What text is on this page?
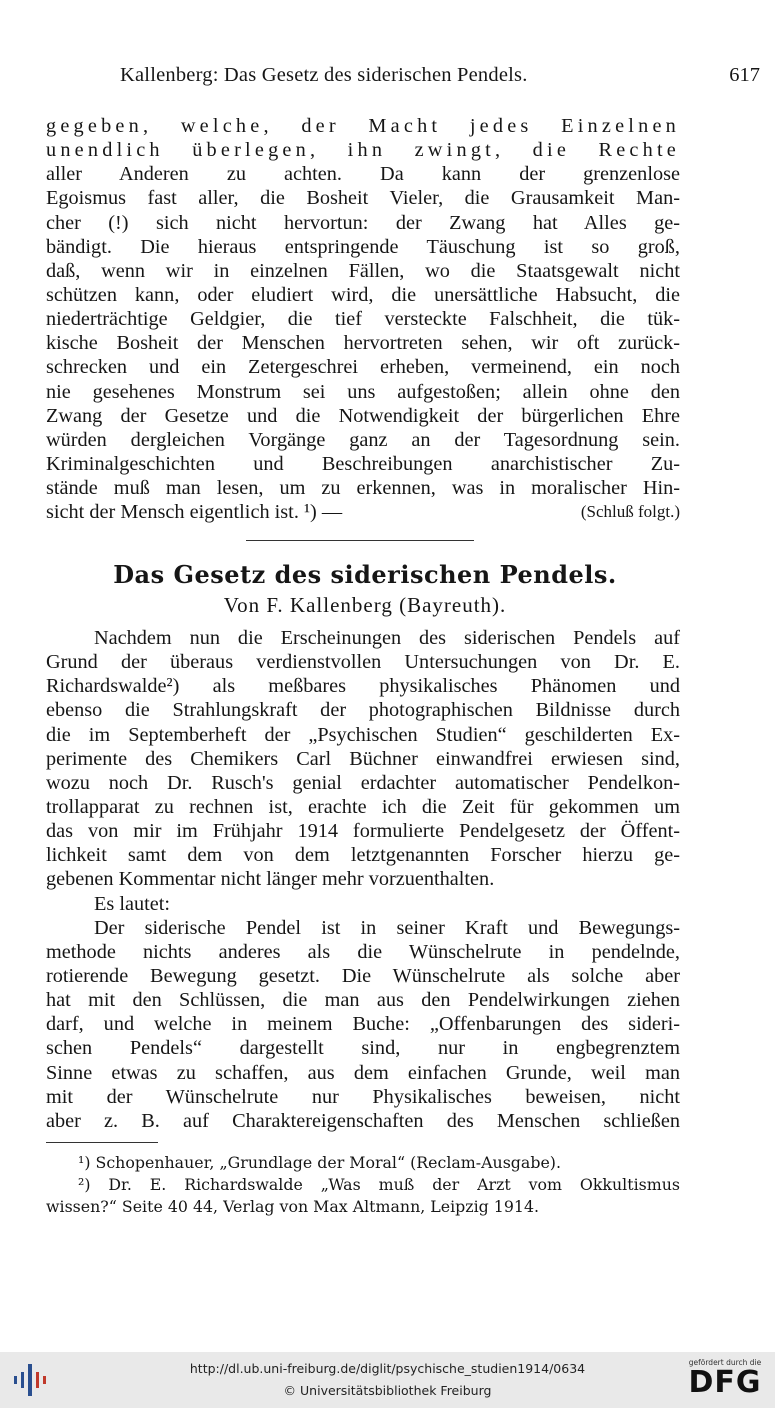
Kallenberg: Das Gesetz des siderischen Pendels.	617
gegeben, welche, der Macht jedes Einzelnen
unendlich überlegen, ihn zwingt, die Rechte
aller Anderen zu achten. Da kann der grenzenlose
Egoismus fast aller, die Bosheit Vieler, die Grausamkeit Man-
cher (!) sich nicht hervortun: der Zwang hat Alles ge-
bändigt. Die hieraus entspringende Täuschung ist so groß,
daß, wenn wir in einzelnen Fällen, wo die Staatsgewalt nicht
schützen kann, oder eludiert wird, die unersättliche Habsucht, die
niederträchtige Geldgier, die tief versteckte Falschheit, die tük-
kische Bosheit der Menschen hervortreten sehen, wir oft zurück-
schrecken und ein Zetergeschrei erheben, vermeinend, ein noch
nie gesehenes Monstrum sei uns aufgestoßen; allein ohne den
Zwang der Gesetze und die Notwendigkeit der bürgerlichen Ehre
würden dergleichen Vorgänge ganz an der Tagesordnung sein.
Kriminalgeschichten und Beschreibungen anarchistischer Zu-
stände muß man lesen, um zu erkennen, was in moralischer Hin-
sicht der Mensch eigentlich ist. ¹) —	(Schluß folgt.)
Das Gesetz des siderischen Pendels.
Von F. Kallenberg (Bayreuth).
Nachdem nun die Erscheinungen des siderischen Pendels auf
Grund der überaus verdienstvollen Untersuchungen von Dr. E.
Richardswalde²) als meßbares physikalisches Phänomen und
ebenso die Strahlungskraft der photographischen Bildnisse durch
die im Septemberheft der „Psychischen Studien“ geschilderten Ex-
perimente des Chemikers Carl Büchner einwandfrei erwiesen sind,
wozu noch Dr. Rusch's genial erdachter automatischer Pendelkon-
trollapparat zu rechnen ist, erachte ich die Zeit für gekommen um
das von mir im Frühjahr 1914 formulierte Pendelgesetz der Öffent-
lichkeit samt dem von dem letztgenannten Forscher hierzu ge-
gebenen Kommentar nicht länger mehr vorzuenthalten.
Es lautet:
Der siderische Pendel ist in seiner Kraft und Bewegungs-
methode nichts anderes als die Wünschelrute in pendelnde,
rotierende Bewegung gesetzt. Die Wünschelrute als solche aber
hat mit den Schlüssen, die man aus den Pendelwirkungen ziehen
darf, und welche in meinem Buche: „Offenbarungen des sideri-
schen Pendels“ dargestellt sind, nur in engbegrenztem
Sinne etwas zu schaffen, aus dem einfachen Grunde, weil man
mit der Wünschelrute nur Physikalisches beweisen, nicht
aber z. B. auf Charaktereigenschaften des Menschen schließen
¹) Schopenhauer, „Grundlage der Moral“ (Reclam-Ausgabe).
²) Dr. E. Richardswalde „Was muß der Arzt vom Okkultismus
wissen?“ Seite 40 44, Verlag von Max Altmann, Leipzig 1914.
http://dl.ub.uni-freiburg.de/diglit/psychische_studien1914/0634
© Universitätsbibliothek Freiburg
gefördert durch die
DFG
